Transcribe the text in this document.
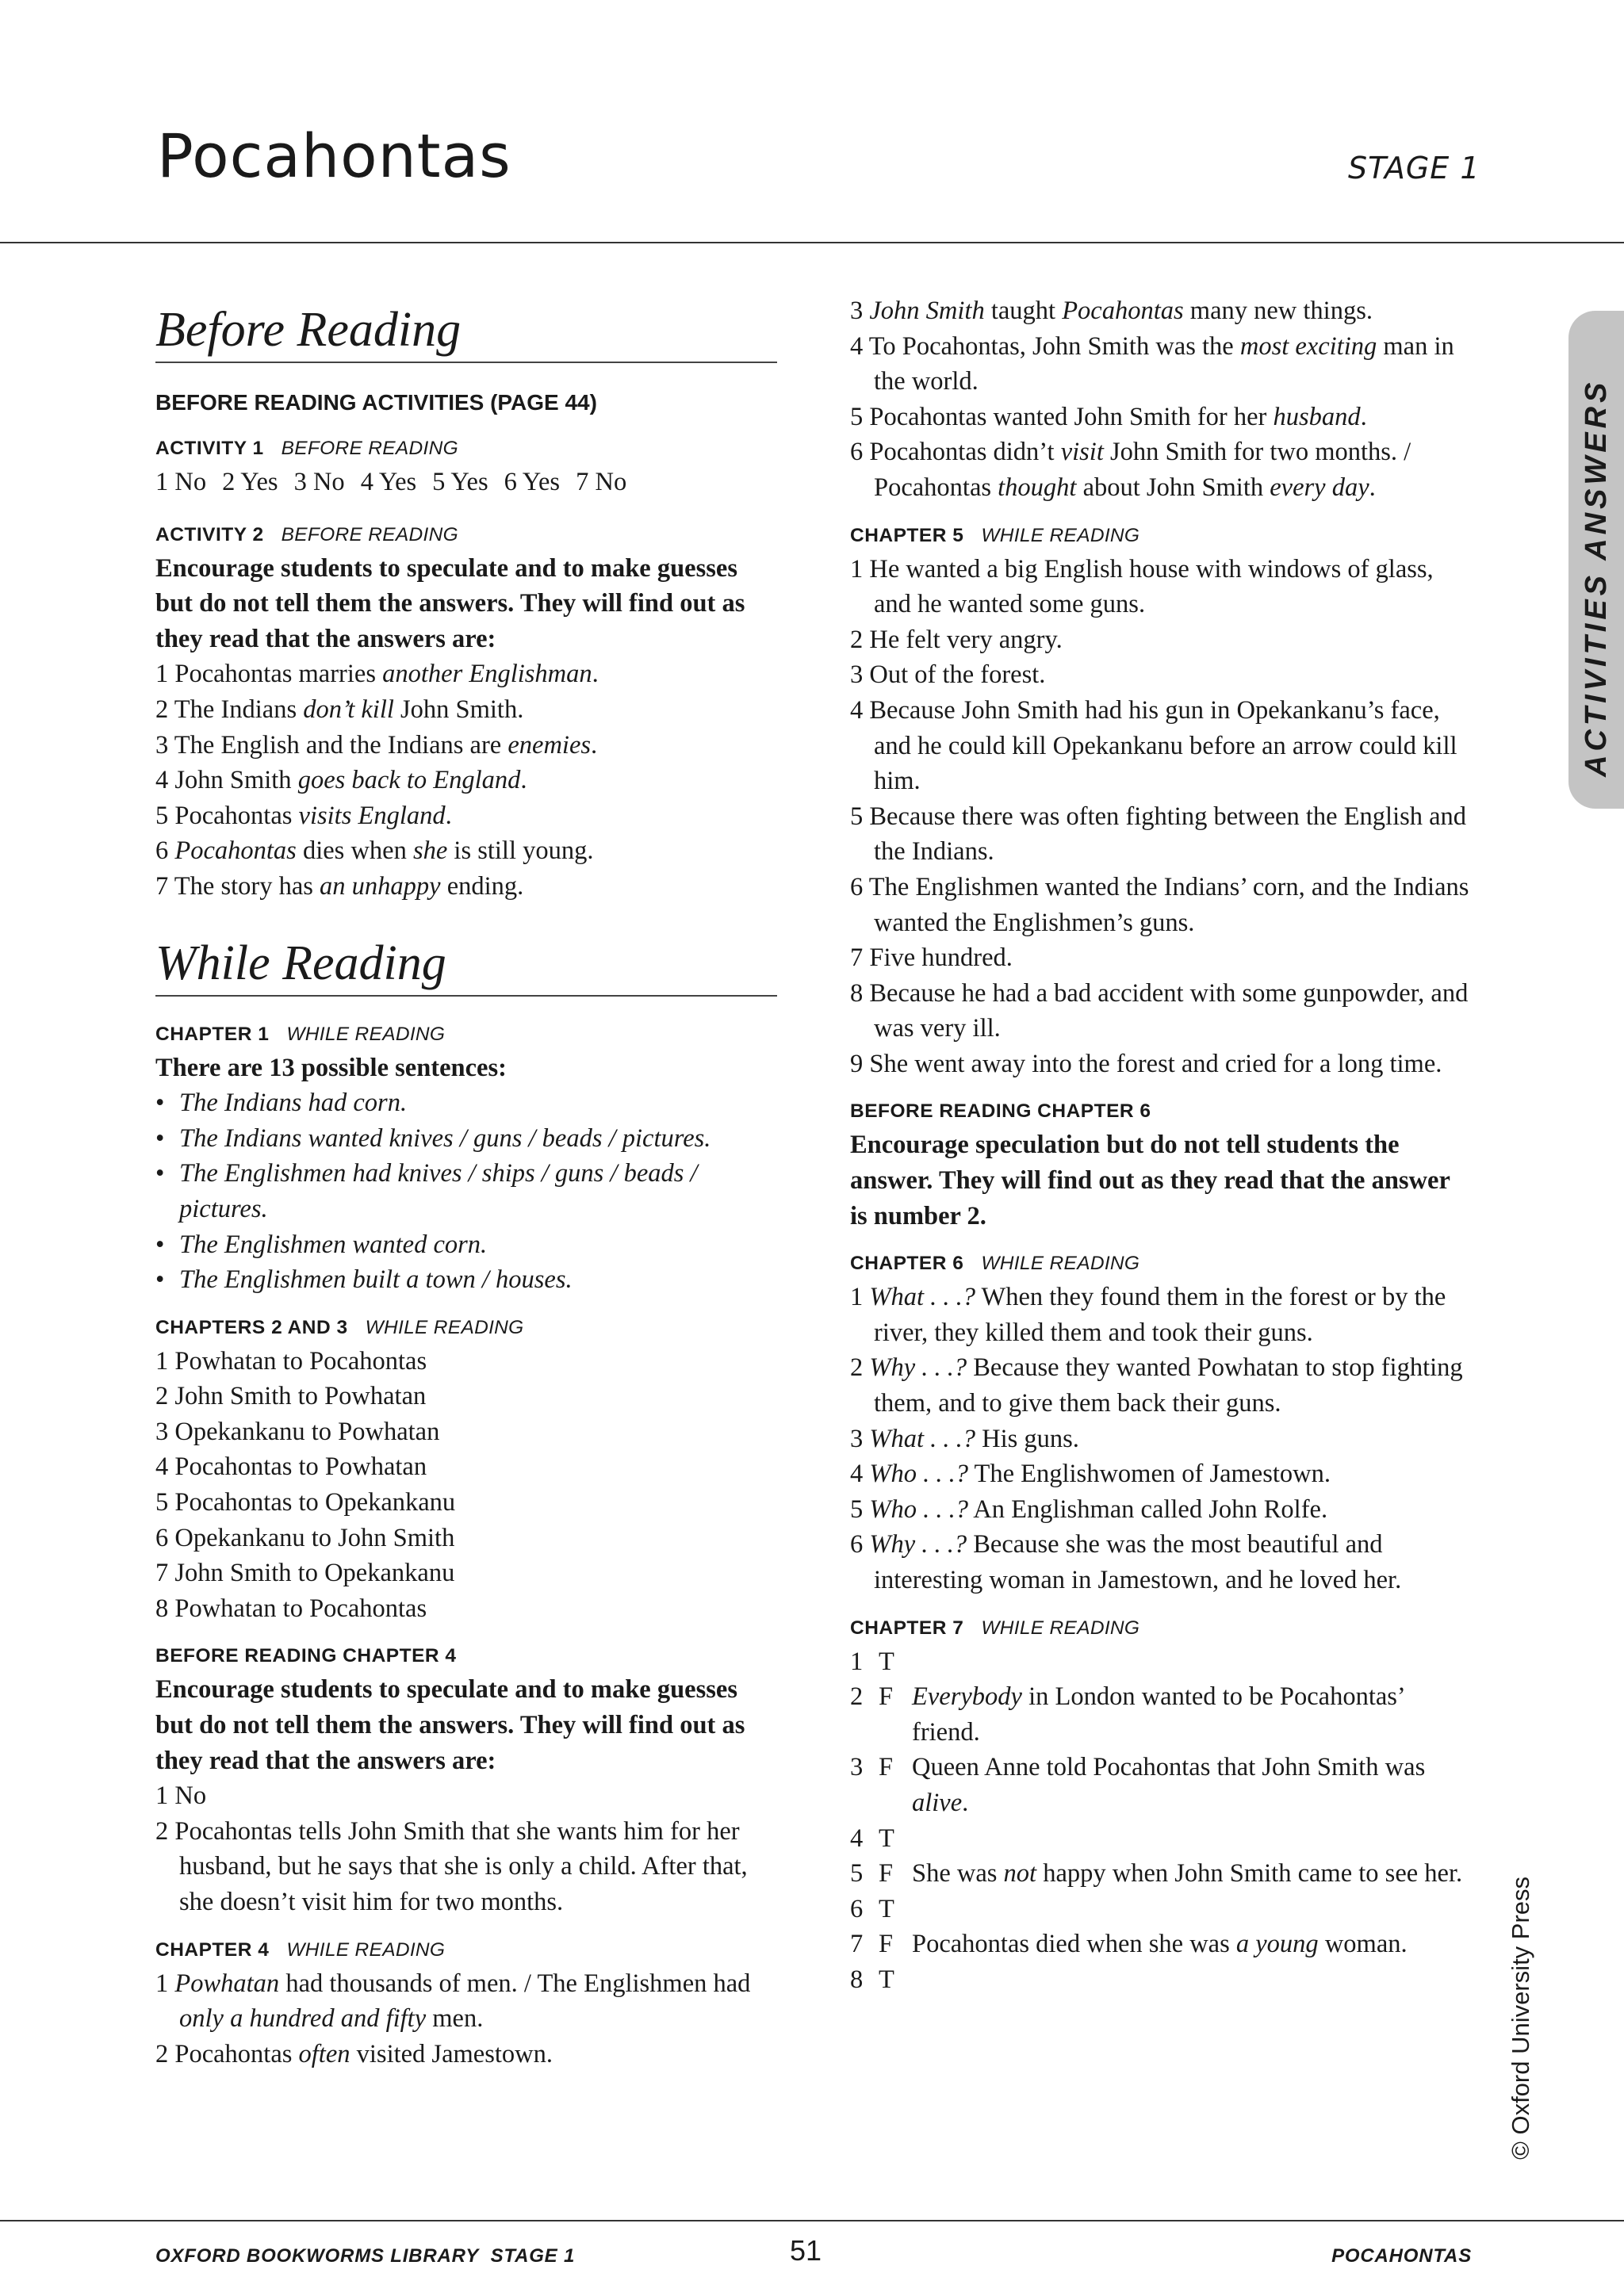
Pocahontas	STAGE 1
ACTIVITIES ANSWERS
Before Reading
BEFORE READING ACTIVITIES (PAGE 44)
ACTIVITY 1 BEFORE READING
1 No 2 Yes 3 No 4 Yes 5 Yes 6 Yes 7 No
ACTIVITY 2 BEFORE READING
Encourage students to speculate and to make guesses but do not tell them the answers. They will find out as they read that the answers are:
1 Pocahontas marries another Englishman.
2 The Indians don’t kill John Smith.
3 The English and the Indians are enemies.
4 John Smith goes back to England.
5 Pocahontas visits England.
6 Pocahontas dies when she is still young.
7 The story has an unhappy ending.
While Reading
CHAPTER 1 WHILE READING
There are 13 possible sentences:
• The Indians had corn.
• The Indians wanted knives / guns / beads / pictures.
• The Englishmen had knives / ships / guns / beads / pictures.
• The Englishmen wanted corn.
• The Englishmen built a town / houses.
CHAPTERS 2 AND 3 WHILE READING
1 Powhatan to Pocahontas
2 John Smith to Powhatan
3 Opekankanu to Powhatan
4 Pocahontas to Powhatan
5 Pocahontas to Opekankanu
6 Opekankanu to John Smith
7 John Smith to Opekankanu
8 Powhatan to Pocahontas
BEFORE READING CHAPTER 4
Encourage students to speculate and to make guesses but do not tell them the answers. They will find out as they read that the answers are:
1 No
2 Pocahontas tells John Smith that she wants him for her husband, but he says that she is only a child. After that, she doesn’t visit him for two months.
CHAPTER 4 WHILE READING
1 Powhatan had thousands of men. / The Englishmen had only a hundred and fifty men.
2 Pocahontas often visited Jamestown.
3 John Smith taught Pocahontas many new things.
4 To Pocahontas, John Smith was the most exciting man in the world.
5 Pocahontas wanted John Smith for her husband.
6 Pocahontas didn’t visit John Smith for two months. / Pocahontas thought about John Smith every day.
CHAPTER 5 WHILE READING
1 He wanted a big English house with windows of glass, and he wanted some guns.
2 He felt very angry.
3 Out of the forest.
4 Because John Smith had his gun in Opekankanu’s face, and he could kill Opekankanu before an arrow could kill him.
5 Because there was often fighting between the English and the Indians.
6 The Englishmen wanted the Indians’ corn, and the Indians wanted the Englishmen’s guns.
7 Five hundred.
8 Because he had a bad accident with some gunpowder, and was very ill.
9 She went away into the forest and cried for a long time.
BEFORE READING CHAPTER 6
Encourage speculation but do not tell students the answer. They will find out as they read that the answer is number 2.
CHAPTER 6 WHILE READING
1 What . . .? When they found them in the forest or by the river, they killed them and took their guns.
2 Why . . .? Because they wanted Powhatan to stop fighting them, and to give them back their guns.
3 What . . .? His guns.
4 Who . . .? The Englishwomen of Jamestown.
5 Who . . .? An Englishman called John Rolfe.
6 Why . . .? Because she was the most beautiful and interesting woman in Jamestown, and he loved her.
CHAPTER 7 WHILE READING
1 T
2 F Everybody in London wanted to be Pocahontas’ friend.
3 F Queen Anne told Pocahontas that John Smith was alive.
4 T
5 F She was not happy when John Smith came to see her.
6 T
7 F Pocahontas died when she was a young woman.
8 T	© Oxford University Press
OXFORD BOOKWORMS LIBRARY  STAGE 1	51	POCAHONTAS
